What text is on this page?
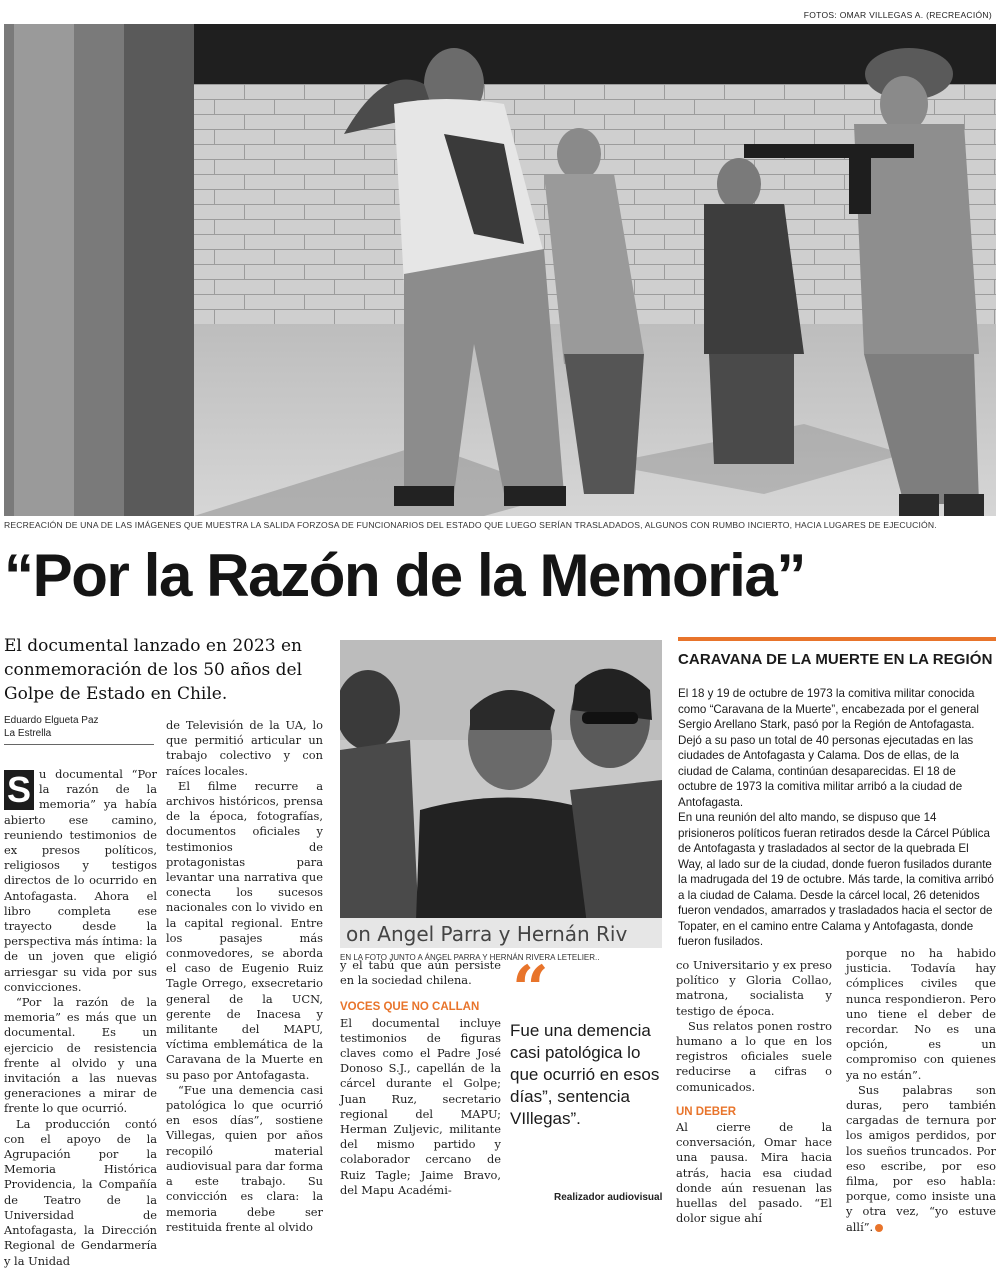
FOTOS: OMAR VILLEGAS A. (RECREACIÓN)
RECREACIÓN DE UNA DE LAS IMÁGENES QUE MUESTRA LA SALIDA FORZOSA DE FUNCIONARIOS DEL ESTADO QUE LUEGO SERÍAN TRASLADADOS, ALGUNOS CON RUMBO INCIERTO, HACIA LUGARES DE EJECUCIÓN.
“Por la Razón de la Memoria”
El documental lanzado en 2023 en conmemoración de los 50 años del Golpe de Estado en Chile.
Eduardo Elgueta Paz
La Estrella

S u documental “Por la razón de la memoria” ya había abierto ese camino, reuniendo testimonios de ex presos políticos, religiosos y testigos directos de lo ocurrido en Antofagasta. Ahora el libro completa ese trayecto desde la perspectiva más íntima: la de un joven que eligió arriesgar su vida por sus convicciones.

“Por la razón de la memoria” es más que un documental. Es un ejercicio de resistencia frente al olvido y una invitación a las nuevas generaciones a mirar de frente lo que ocurrió.

La producción contó con el apoyo de la Agrupación por la Memoria Histórica Providencia, la Compañía de Teatro de la Universidad de Antofagasta, la Dirección Regional de Gendarmería y la Unidad

de Televisión de la UA, lo que permitió articular un trabajo colectivo y con raíces locales.

El filme recurre a archivos históricos, prensa de la época, fotografías, documentos oficiales y testimonios de protagonistas para levantar una narrativa que conecta los sucesos nacionales con lo vivido en la capital regional. Entre los pasajes más conmovedores, se aborda el caso de Eugenio Ruiz Tagle Orrego, exsecretario general de la UCN, gerente de Inacesa y militante del MAPU, víctima emblemática de la Caravana de la Muerte en su paso por Antofagasta.

“Fue una demencia casi patológica lo que ocurrió en esos días”, sostiene Villegas, quien por años recopiló material audiovisual para dar forma a este trabajo. Su convicción es clara: la memoria debe ser restituida frente al olvido

on Angel Parra y Hernán Riv
EN LA FOTO JUNTO A ÁNGEL PARRA Y HERNÁN RIVERA LETELIER..

y el tabú que aún persiste en la sociedad chilena.

VOCES QUE NO CALLAN

El documental incluye testimonios de figuras claves como el Padre José Donoso S.J., capellán de la cárcel durante el Golpe; Juan Ruz, secretario regional del MAPU; Herman Zuljevic, militante del mismo partido y colaborador cercano de Ruiz Tagle; Jaime Bravo, del Mapu Académi-

“
Fue una demencia casi patológica lo que ocurrió en esos días”, sentencia VIllegas”.
Realizador audiovisual

co Universitario y ex preso político y Gloria Collao, matrona, socialista y testigo de época.

Sus relatos ponen rostro humano a lo que en los registros oficiales suele reducirse a cifras o comunicados.

UN DEBER

Al cierre de la conversación, Omar hace una pausa. Mira hacia atrás, hacia esa ciudad donde aún resuenan las huellas del pasado. “El dolor sigue ahí

porque no ha habido justicia. Todavía hay cómplices civiles que nunca respondieron. Pero uno tiene el deber de recordar. No es una opción, es un compromiso con quienes ya no están”.

Sus palabras son duras, pero también cargadas de ternura por los amigos perdidos, por los sueños truncados. Por eso escribe, por eso filma, por eso habla: porque, como insiste una y otra vez, “yo estuve allí”.

CARAVANA DE LA MUERTE EN LA REGIÓN

El 18 y 19 de octubre de 1973 la comitiva militar conocida como “Caravana de la Muerte”, encabezada por el general Sergio Arellano Stark, pasó por la Región de Antofagasta. Dejó a su paso un total de 40 personas ejecutadas en las ciudades de Antofagasta y Calama. Dos de ellas, de la ciudad de Calama, continúan desaparecidas. El 18 de octubre de 1973 la comitiva militar arribó a la ciudad de Antofagasta.

En una reunión del alto mando, se dispuso que 14 prisioneros políticos fueran retirados desde la Cárcel Pública de Antofagasta y trasladados al sector de la quebrada El Way, al lado sur de la ciudad, donde fueron fusilados durante la madrugada del 19 de octubre. Más tarde, la comitiva arribó a la ciudad de Calama. Desde la cárcel local, 26 detenidos fueron vendados, amarrados y trasladados hacia el sector de Topater, en el camino entre Calama y Antofagasta, donde fueron fusilados.
